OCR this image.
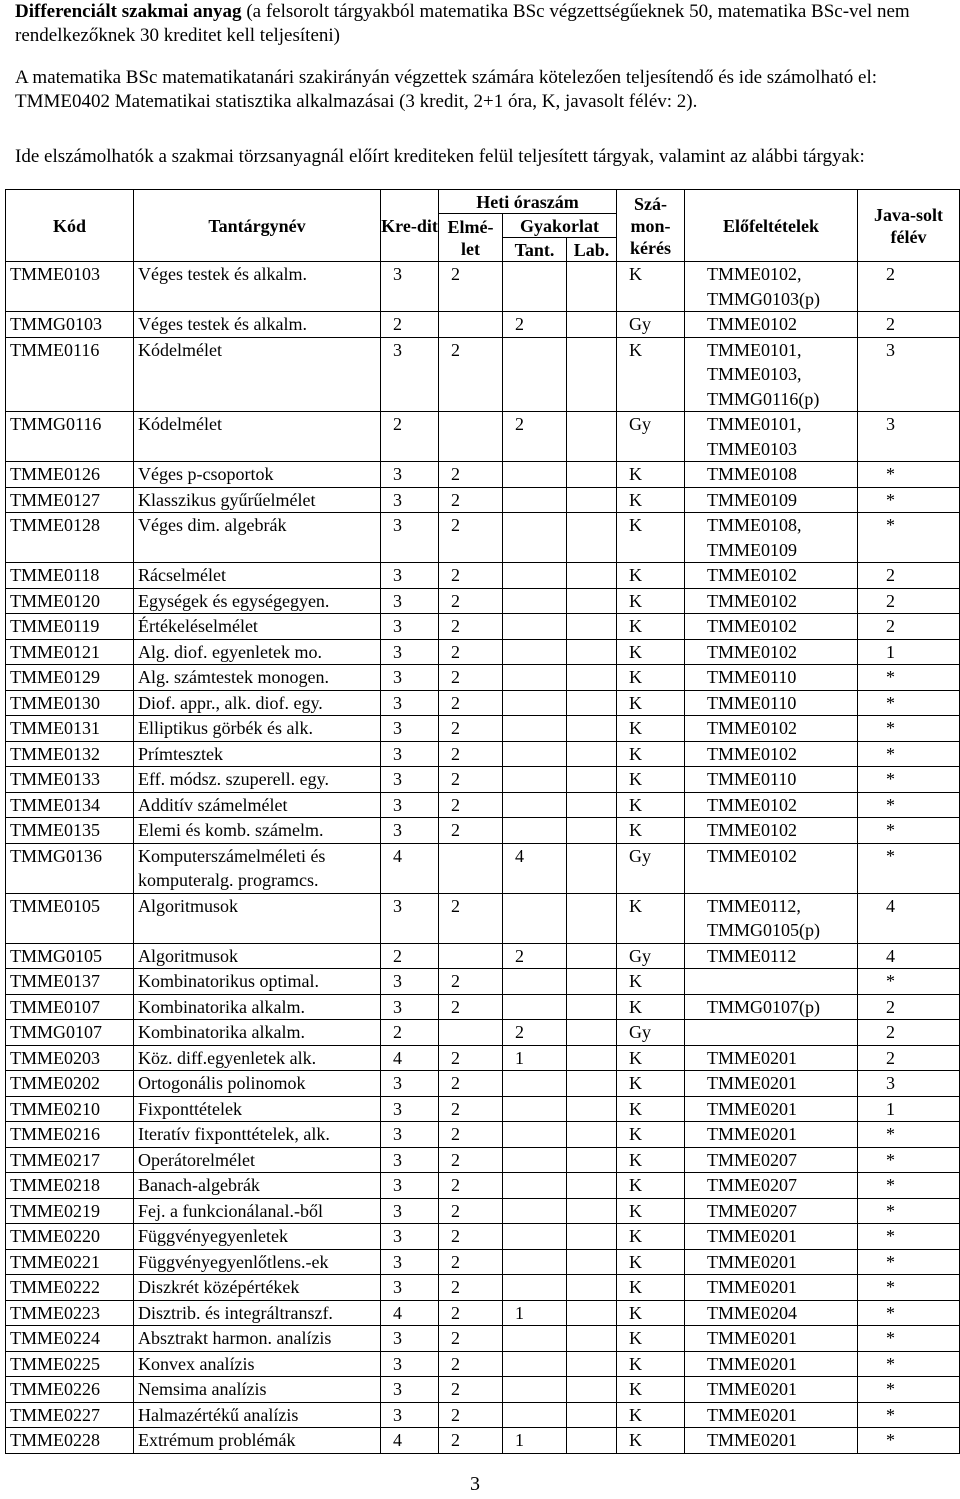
Differenciált szakmai anyag (a felsorolt tárgyakból matematika BSc végzettségűeknek 50, matematika BSc-vel nem rendelkezőknek 30 kreditet kell teljesíteni)

A matematika BSc matematikatanári szakirányán végzettek számára kötelezően teljesítendő és ide számolható el: TMME0402 Matematikai statisztika alkalmazásai (3 kredit, 2+1 óra, K, javasolt félév: 2).

Ide elszámolhatók a szakmai törzsanyagnál előírt krediteken felül teljesített tárgyak, valamint az alábbi tárgyak:

Kód	Tantárgynév	Kre-dit	Heti óraszám			Szá-mon-kérés	Előfeltételek	Java-solt félév
			Elmé-let	Gyakorlat				
				Tant.	Lab.			
TMME0103	Véges testek és alkalm.	3	2			K	TMME0102, TMMG0103(p)	2
TMMG0103	Véges testek és alkalm.	2		2		Gy	TMME0102	2
TMME0116	Kódelmélet	3	2			K	TMME0101, TMME0103, TMMG0116(p)	3
TMMG0116	Kódelmélet	2		2		Gy	TMME0101, TMME0103	3
TMME0126	Véges p-csoportok	3	2			K	TMME0108	*
TMME0127	Klasszikus gyűrűelmélet	3	2			K	TMME0109	*
TMME0128	Véges dim. algebrák	3	2			K	TMME0108, TMME0109	*
TMME0118	Rácselmélet	3	2			K	TMME0102	2
TMME0120	Egységek és egységegyen.	3	2			K	TMME0102	2
TMME0119	Értékeléselmélet	3	2			K	TMME0102	2
TMME0121	Alg. diof. egyenletek mo.	3	2			K	TMME0102	1
TMME0129	Alg. számtestek monogen.	3	2			K	TMME0110	*
TMME0130	Diof. appr., alk. diof. egy.	3	2			K	TMME0110	*
TMME0131	Elliptikus görbék és alk.	3	2			K	TMME0102	*
TMME0132	Prímtesztek	3	2			K	TMME0102	*
TMME0133	Eff. módsz. szuperell. egy.	3	2			K	TMME0110	*
TMME0134	Additív számelmélet	3	2			K	TMME0102	*
TMME0135	Elemi és komb. számelm.	3	2			K	TMME0102	*
TMMG0136	Komputerszámelméleti és komputeralg. programcs.	4		4		Gy	TMME0102	*
TMME0105	Algoritmusok	3	2			K	TMME0112, TMMG0105(p)	4
TMMG0105	Algoritmusok	2		2		Gy	TMME0112	4
TMME0137	Kombinatorikus optimal.	3	2			K		*
TMME0107	Kombinatorika alkalm.	3	2			K	TMMG0107(p)	2
TMMG0107	Kombinatorika alkalm.	2		2		Gy		2
TMME0203	Köz. diff.egyenletek alk.	4	2	1		K	TMME0201	2
TMME0202	Ortogonális polinomok	3	2			K	TMME0201	3
TMME0210	Fixponttételek	3	2			K	TMME0201	1
TMME0216	Iteratív fixponttételek, alk.	3	2			K	TMME0201	*
TMME0217	Operátorelmélet	3	2			K	TMME0207	*
TMME0218	Banach-algebrák	3	2			K	TMME0207	*
TMME0219	Fej. a funkcionálanal.-ből	3	2			K	TMME0207	*
TMME0220	Függvényegyenletek	3	2			K	TMME0201	*
TMME0221	Függvényegyenlőtlens.-ek	3	2			K	TMME0201	*
TMME0222	Diszkrét középértékek	3	2			K	TMME0201	*
TMME0223	Disztrib. és integráltranszf.	4	2	1		K	TMME0204	*
TMME0224	Absztrakt harmon. analízis	3	2			K	TMME0201	*
TMME0225	Konvex analízis	3	2			K	TMME0201	*
TMME0226	Nemsima analízis	3	2			K	TMME0201	*
TMME0227	Halmazértékű analízis	3	2			K	TMME0201	*
TMME0228	Extrémum problémák	4	2	1		K	TMME0201	*
3
